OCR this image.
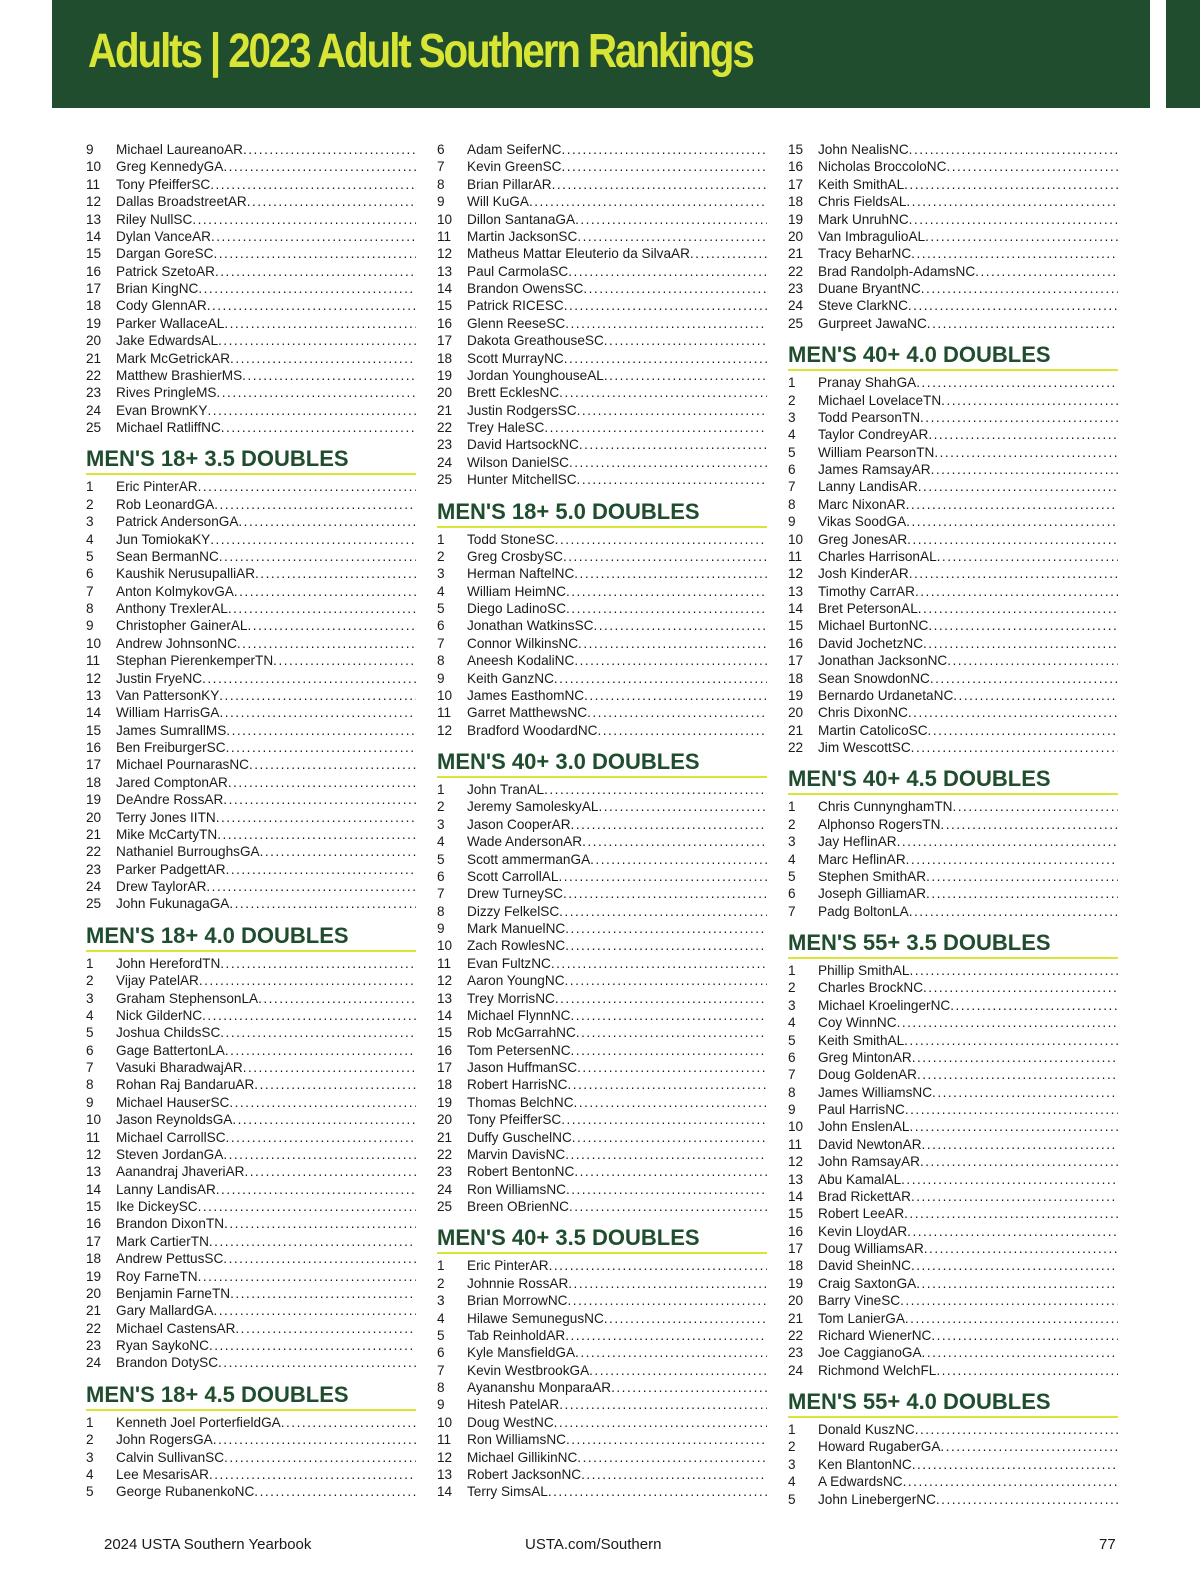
Adults | 2023 Adult Southern Rankings
9	Michael Laureano AR
.....
10	Greg Kennedy GA
.....
11	Tony Pfeiffer SC
.....
12	Dallas Broadstreet AR
.....
13	Riley Null SC
.....
14	Dylan Vance AR
.....
15	Dargan Gore SC
.....
16	Patrick Szeto AR
.....
17	Brian King NC
.....
18	Cody Glenn AR
.....
19	Parker Wallace AL
.....
20	Jake Edwards AL
.....
21	Mark McGetrick AR
.....
22	Matthew Brashier MS
.....
23	Rives Pringle MS
.....
24	Evan Brown KY
.....
25	Michael Ratliff NC
.....
MEN'S 18+ 3.5 DOUBLES
1	Eric Pinter AR
.....
2	Rob Leonard GA
.....
3	Patrick Anderson GA
.....
4	Jun Tomioka KY
.....
5	Sean Berman NC
.....
6	Kaushik Nerusupalli AR
.....
7	Anton Kolmykov GA
.....
8	Anthony Trexler AL
.....
9	Christopher Gainer AL
.....
10	Andrew Johnson NC
.....
11	Stephan Pierenkemper TN
.....
12	Justin Frye NC
.....
13	Van Patterson KY
.....
14	William Harris GA
.....
15	James Sumrall MS
.....
16	Ben Freiburger SC
.....
17	Michael Pournaras NC
.....
18	Jared Compton AR
.....
19	DeAndre Ross AR
.....
20	Terry Jones II TN
.....
21	Mike McCarty TN
.....
22	Nathaniel Burroughs GA
.....
23	Parker Padgett AR
.....
24	Drew Taylor AR
.....
25	John Fukunaga GA
.....
MEN'S 18+ 4.0 DOUBLES
1	John Hereford TN
.....
2	Vijay Patel AR
.....
3	Graham Stephenson LA
.....
4	Nick Gilder NC
.....
5	Joshua Childs SC
.....
6	Gage Batterton LA
.....
7	Vasuki Bharadwaj AR
.....
8	Rohan Raj Bandaru AR
.....
9	Michael Hauser SC
.....
10	Jason Reynolds GA
.....
11	Michael Carroll SC
.....
12	Steven Jordan GA
.....
13	Aanandraj Jhaveri AR
.....
14	Lanny Landis AR
.....
15	Ike Dickey SC
.....
16	Brandon Dixon TN
.....
17	Mark Cartier TN
.....
18	Andrew Pettus SC
.....
19	Roy Farne TN
.....
20	Benjamin Farne TN
.....
21	Gary Mallard GA
.....
22	Michael Castens AR
.....
23	Ryan Sayko NC
.....
24	Brandon Doty SC
.....
MEN'S 18+ 4.5 DOUBLES
1	Kenneth Joel Porterfield GA
.....
2	John Rogers GA
.....
3	Calvin Sullivan SC
.....
4	Lee Mesaris AR
.....
5	George Rubanenko NC
.....
6	Adam Seifer NC
.....
7	Kevin Green SC
.....
8	Brian Pillar AR
.....
9	Will Ku GA
.....
10	Dillon Santana GA
.....
11	Martin Jackson SC
.....
12	Matheus Mattar Eleuterio da Silva AR
.....
13	Paul Carmola SC
.....
14	Brandon Owens SC
.....
15	Patrick RICE SC
.....
16	Glenn Reese SC
.....
17	Dakota Greathouse SC
.....
18	Scott Murray NC
.....
19	Jordan Younghouse AL
.....
20	Brett Eckles NC
.....
21	Justin Rodgers SC
.....
22	Trey Hale SC
.....
23	David Hartsock NC
.....
24	Wilson Daniel SC
.....
25	Hunter Mitchell SC
.....
MEN'S 18+ 5.0 DOUBLES
1	Todd Stone SC
.....
2	Greg Crosby SC
.....
3	Herman Naftel NC
.....
4	William Heim NC
.....
5	Diego Ladino SC
.....
6	Jonathan Watkins SC
.....
7	Connor Wilkins NC
.....
8	Aneesh Kodali NC
.....
9	Keith Ganz NC
.....
10	James Easthom NC
.....
11	Garret Matthews NC
.....
12	Bradford Woodard NC
.....
MEN'S 40+ 3.0 DOUBLES
1	John Tran AL
.....
2	Jeremy Samolesky AL
.....
3	Jason Cooper AR
.....
4	Wade Anderson AR
.....
5	Scott ammerman GA
.....
6	Scott Carroll AL
.....
7	Drew Turney SC
.....
8	Dizzy Felkel SC
.....
9	Mark Manuel NC
.....
10	Zach Rowles NC
.....
11	Evan Fultz NC
.....
12	Aaron Young NC
.....
13	Trey Morris NC
.....
14	Michael Flynn NC
.....
15	Rob McGarrah NC
.....
16	Tom Petersen NC
.....
17	Jason Huffman SC
.....
18	Robert Harris NC
.....
19	Thomas Belch NC
.....
20	Tony Pfeiffer SC
.....
21	Duffy Guschel NC
.....
22	Marvin Davis NC
.....
23	Robert Benton NC
.....
24	Ron Williams NC
.....
25	Breen OBrien NC
.....
MEN'S 40+ 3.5 DOUBLES
1	Eric Pinter AR
.....
2	Johnnie Ross AR
.....
3	Brian Morrow NC
.....
4	Hilawe Semunegus NC
.....
5	Tab Reinhold AR
.....
6	Kyle Mansfield GA
.....
7	Kevin Westbrook GA
.....
8	Ayananshu Monpara AR
.....
9	Hitesh Patel AR
.....
10	Doug West NC
.....
11	Ron Williams NC
.....
12	Michael Gillikin NC
.....
13	Robert Jackson NC
.....
14	Terry Sims AL
.....
15	John Nealis NC
.....
16	Nicholas Broccolo NC
.....
17	Keith Smith AL
.....
18	Chris Fields AL
.....
19	Mark Unruh NC
.....
20	Van Imbragulio AL
.....
21	Tracy Behar NC
.....
22	Brad Randolph-Adams NC
.....
23	Duane Bryant NC
.....
24	Steve Clark NC
.....
25	Gurpreet Jawa NC
.....
MEN'S 40+ 4.0 DOUBLES
1	Pranay Shah GA
.....
2	Michael Lovelace TN
.....
3	Todd Pearson TN
.....
4	Taylor Condrey AR
.....
5	William Pearson TN
.....
6	James Ramsay AR
.....
7	Lanny Landis AR
.....
8	Marc Nixon AR
.....
9	Vikas Sood GA
.....
10	Greg Jones AR
.....
11	Charles Harrison AL
.....
12	Josh Kinder AR
.....
13	Timothy Carr AR
.....
14	Bret Peterson AL
.....
15	Michael Burton NC
.....
16	David Jochetz NC
.....
17	Jonathan Jackson NC
.....
18	Sean Snowdon NC
.....
19	Bernardo Urdaneta NC
.....
20	Chris Dixon NC
.....
21	Martin Catolico SC
.....
22	Jim Wescott SC
.....
MEN'S 40+ 4.5 DOUBLES
1	Chris Cunnyngham TN
.....
2	Alphonso Rogers TN
.....
3	Jay Heflin AR
.....
4	Marc Heflin AR
.....
5	Stephen Smith AR
.....
6	Joseph Gilliam AR
.....
7	Padg Bolton LA
.....
MEN'S 55+ 3.5 DOUBLES
1	Phillip Smith AL
.....
2	Charles Brock NC
.....
3	Michael Kroelinger NC
.....
4	Coy Winn NC
.....
5	Keith Smith AL
.....
6	Greg Minton AR
.....
7	Doug Golden AR
.....
8	James Williams NC
.....
9	Paul Harris NC
.....
10	John Enslen AL
.....
11	David Newton AR
.....
12	John Ramsay AR
.....
13	Abu Kamal AL
.....
14	Brad Rickett AR
.....
15	Robert Lee AR
.....
16	Kevin Lloyd AR
.....
17	Doug Williams AR
.....
18	David Shein NC
.....
19	Craig Saxton GA
.....
20	Barry Vine SC
.....
21	Tom Lanier GA
.....
22	Richard Wiener NC
.....
23	Joe Caggiano GA
.....
24	Richmond Welch FL
.....
MEN'S 55+ 4.0 DOUBLES
1	Donald Kusz NC
.....
2	Howard Rugaber GA
.....
3	Ken Blanton NC
.....
4	A Edwards NC
.....
5	John Lineberger NC
.....
2024 USTA Southern Yearbook	USTA.com/Southern	77
